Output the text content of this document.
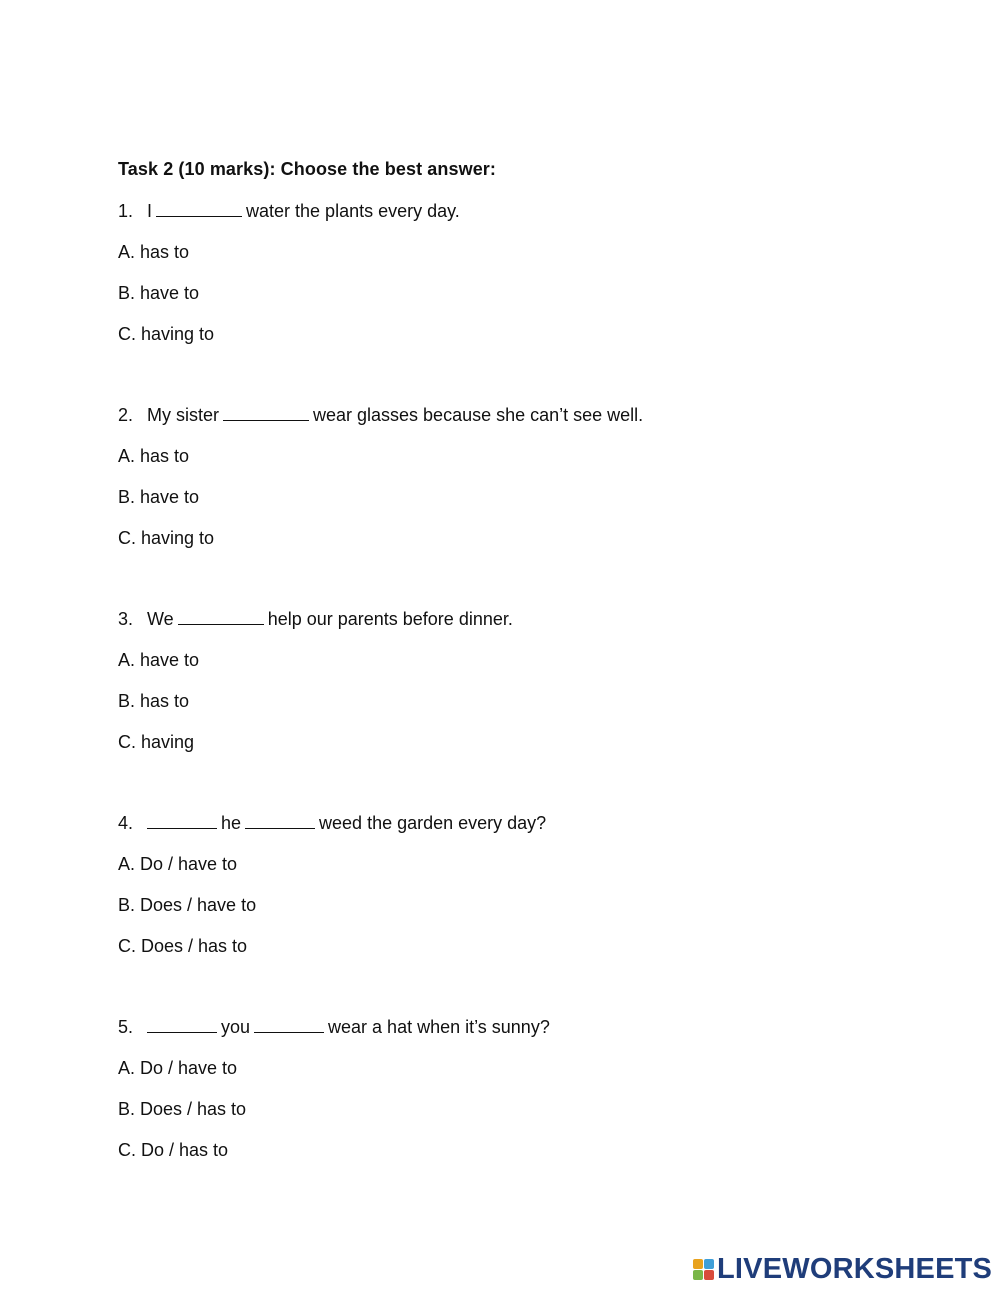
Task 2 (10 marks): Choose the best answer:
1. I	water the plants every day.
A. has to
B. have to
C. having to
2. My sister	wear glasses because she can’t see well.
A. has to
B. have to
C. having to
3. We	help our parents before dinner.
A. have to
B. has to
C. having
4.	he	weed the garden every day?
A. Do / have to
B. Does / have to
C. Does / has to
5.	you	wear a hat when it’s sunny?
A. Do / have to
B. Does / has to
C. Do / has to
LIVEWORKSHEETS
